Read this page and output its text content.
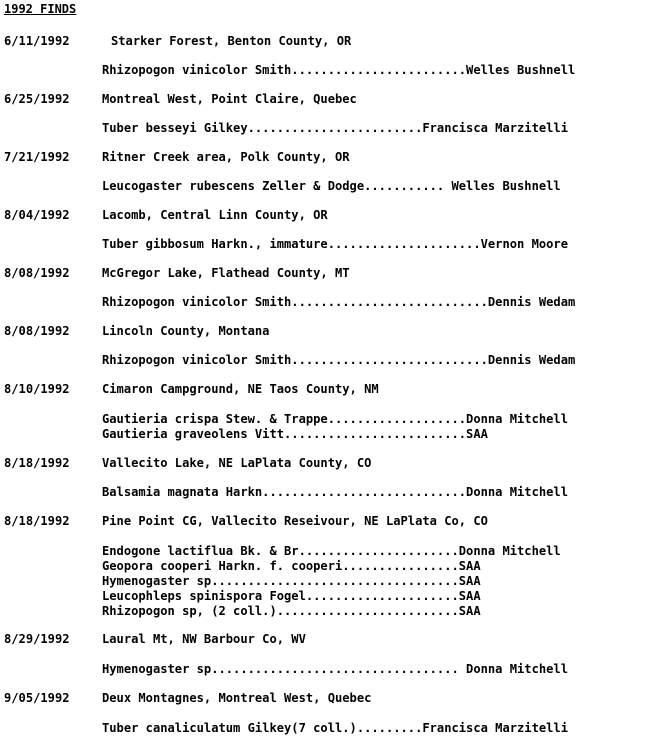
1992 FINDS
6/11/1992	Starker Forest, Benton County, OR
Rhizopogon vinicolor Smith........................Welles Bushnell
6/25/1992	Montreal West, Point Claire, Quebec
Tuber besseyi Gilkey........................Francisca Marzitelli
7/21/1992	Ritner Creek area, Polk County, OR
Leucogaster rubescens Zeller & Dodge........... Welles Bushnell
8/04/1992	Lacomb, Central Linn County, OR
Tuber gibbosum Harkn., immature.....................Vernon Moore
8/08/1992	McGregor Lake, Flathead County, MT
Rhizopogon vinicolor Smith...........................Dennis Wedam
8/08/1992	Lincoln County, Montana
Rhizopogon vinicolor Smith...........................Dennis Wedam
8/10/1992	Cimaron Campground, NE Taos County, NM
Gautieria crispa Stew. & Trappe...................Donna Mitchell
Gautieria graveolens Vitt.........................SAA
8/18/1992	Vallecito Lake, NE LaPlata County, CO
Balsamia magnata Harkn............................Donna Mitchell
8/18/1992	Pine Point CG, Vallecito Reseivour, NE LaPlata Co, CO
Endogone lactiflua Bk. & Br......................Donna Mitchell
Geopora cooperi Harkn. f. cooperi................SAA
Hymenogaster sp..................................SAA
Leucophleps spinispora Fogel.....................SAA
Rhizopogon sp, (2 coll.).........................SAA
8/29/1992	Laural Mt, NW Barbour Co, WV
Hymenogaster sp.................................. Donna Mitchell
9/05/1992	Deux Montagnes, Montreal West, Quebec
Tuber canaliculatum Gilkey(7 coll.).........Francisca Marzitelli
